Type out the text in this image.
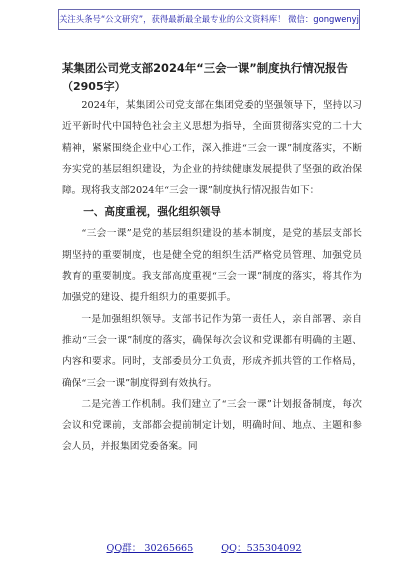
关注头条号“公文研究”，获得最新最全最专业的公文资料库！ 微信：gongwenyj

某集团公司党支部2024年“三会一课”制度执行情况报告

（2905字）

2024年，某集团公司党支部在集团党委的坚强领导下，坚持以习近平新时代中国特色社会主义思想为指导，全面贯彻落实党的二十大精神，紧紧围绕企业中心工作，深入推进“三会一课”制度落实，不断夯实党的基层组织建设，为企业的持续健康发展提供了坚强的政治保障。现将我支部2024年“三会一课”制度执行情况报告如下：

一、高度重视，强化组织领导

“三会一课”是党的基层组织建设的基本制度，是党的基层支部长期坚持的重要制度，也是健全党的组织生活严格党员管理、加强党员教育的重要制度。我支部高度重视“三会一课”制度的落实，将其作为加强党的建设、提升组织力的重要抓手。

一是加强组织领导。支部书记作为第一责任人，亲自部署、亲自推动“三会一课”制度的落实，确保每次会议和党课都有明确的主题、内容和要求。同时，支部委员分工负责，形成齐抓共管的工作格局，确保“三会一课”制度得到有效执行。

二是完善工作机制。我们建立了“三会一课”计划报备制度，每次会议和党课前，支部都会提前制定计划，明确时间、地点、主题和参会人员，并报集团党委备案。同

QQ群： 30265665	QQ：535304092
